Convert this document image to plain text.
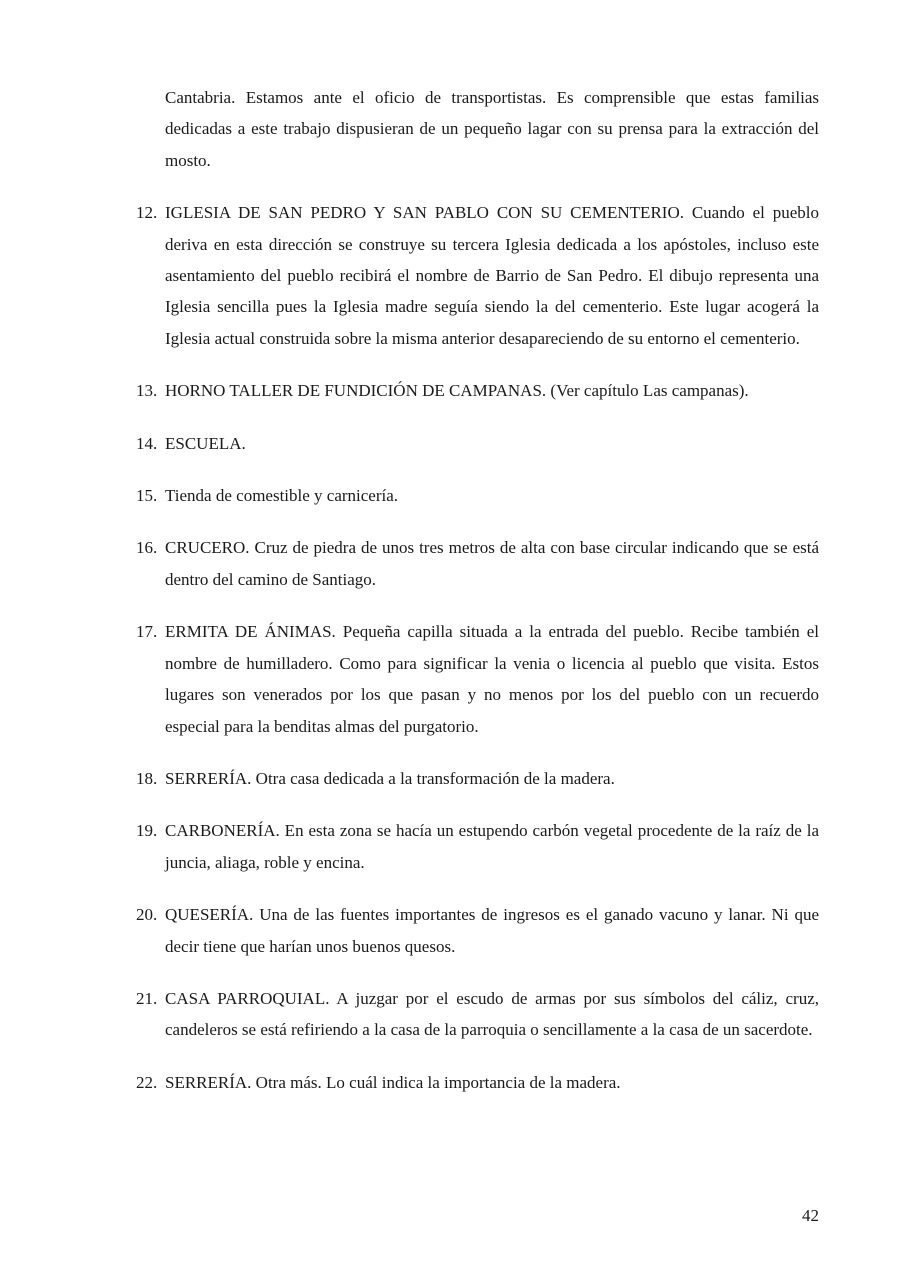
Cantabria. Estamos ante el oficio de transportistas. Es comprensible que estas familias dedicadas a este trabajo dispusieran de un pequeño lagar con su prensa para la extracción del mosto.

12. IGLESIA DE SAN PEDRO Y SAN PABLO CON SU CEMENTERIO. Cuando el pueblo deriva en esta dirección se construye su tercera Iglesia dedicada a los apóstoles, incluso este asentamiento del pueblo recibirá el nombre de Barrio de San Pedro. El dibujo representa una Iglesia sencilla pues la Iglesia madre seguía siendo la del cementerio. Este lugar acogerá la Iglesia actual construida sobre la misma anterior desapareciendo de su entorno el cementerio.

13. HORNO TALLER DE FUNDICIÓN DE CAMPANAS. (Ver capítulo Las campanas).

14. ESCUELA.

15. Tienda de comestible y carnicería.

16. CRUCERO. Cruz de piedra de unos tres metros de alta con base circular indicando que se está dentro del camino de Santiago.

17. ERMITA DE ÁNIMAS. Pequeña capilla situada a la entrada del pueblo. Recibe también el nombre de humilladero. Como para significar la venia o licencia al pueblo que visita. Estos lugares son venerados por los que pasan y no menos por los del pueblo con un recuerdo especial para la benditas almas del purgatorio.

18. SERRERÍA. Otra casa dedicada a la transformación de la madera.

19. CARBONERÍA. En esta zona se hacía un estupendo carbón vegetal procedente de la raíz de la juncia, aliaga, roble y encina.

20. QUESERÍA. Una de las fuentes importantes de ingresos es el ganado vacuno y lanar. Ni que decir tiene que harían unos buenos quesos.

21. CASA PARROQUIAL. A juzgar por el escudo de armas por sus símbolos del cáliz, cruz, candeleros se está refiriendo a la casa de la parroquia o sencillamente a la casa de un sacerdote.

22. SERRERÍA. Otra más. Lo cuál indica la importancia de la madera.

42
